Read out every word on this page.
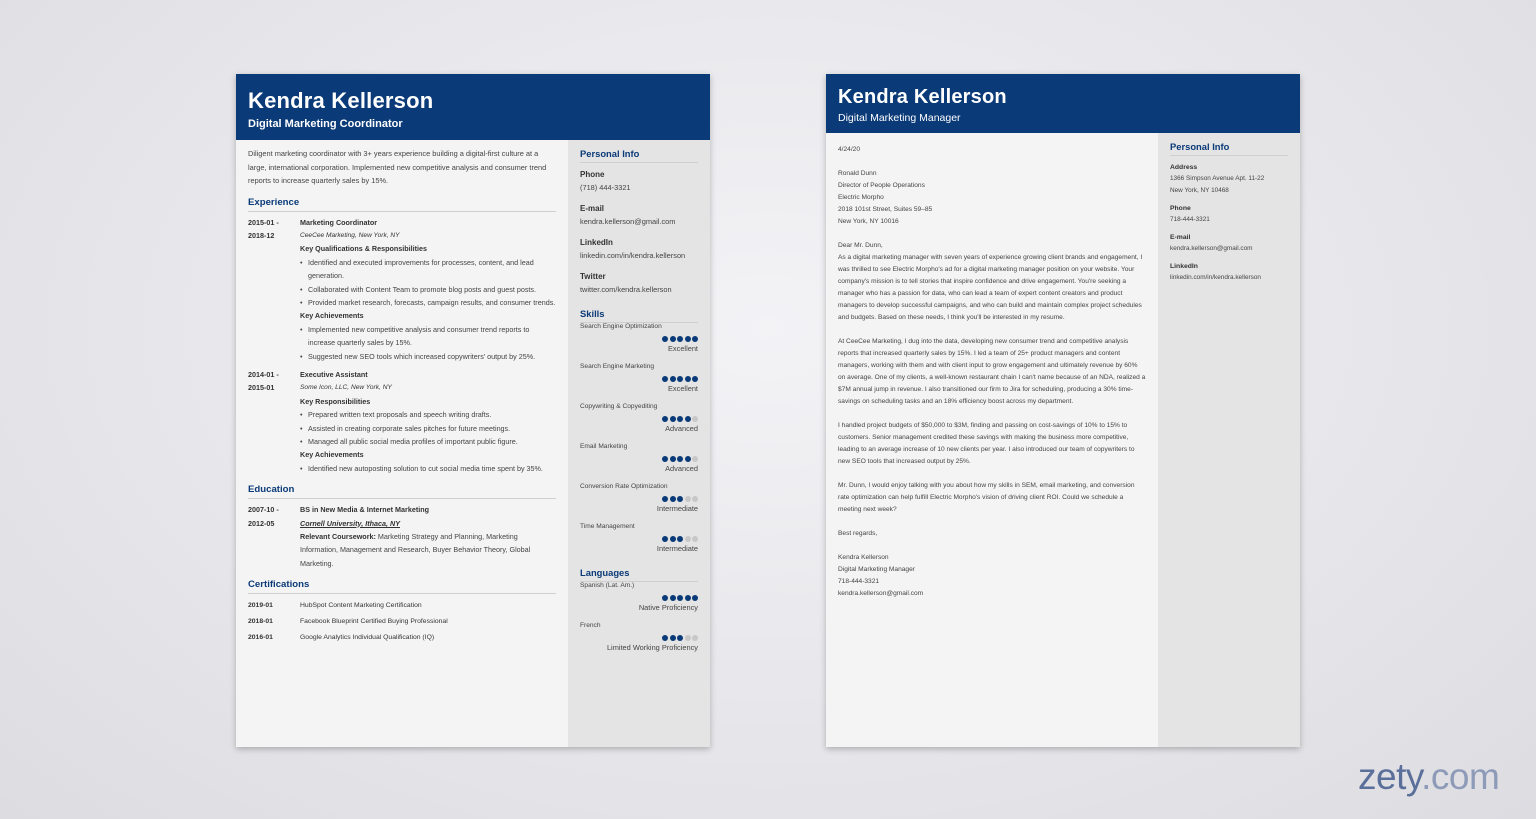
Kendra Kellerson
Digital Marketing Coordinator
Diligent marketing coordinator with 3+ years experience building a digital-first culture at a large, international corporation. Implemented new competitive analysis and consumer trend reports to increase quarterly sales by 15%.
Experience
2015-01 -
2018-12
Marketing Coordinator
CeeCee Marketing, New York, NY
Key Qualifications & Responsibilities
• Identified and executed improvements for processes, content, and lead generation.
• Collaborated with Content Team to promote blog posts and guest posts.
• Provided market research, forecasts, campaign results, and consumer trends.
Key Achievements
• Implemented new competitive analysis and consumer trend reports to increase quarterly sales by 15%.
• Suggested new SEO tools which increased copywriters' output by 25%.
2014-01 -
2015-01
Executive Assistant
Some Icon, LLC, New York, NY
Key Responsibilities
• Prepared written text proposals and speech writing drafts.
• Assisted in creating corporate sales pitches for future meetings.
• Managed all public social media profiles of important public figure.
Key Achievements
• Identified new autoposting solution to cut social media time spent by 35%.
Education
2007-10 -
2012-05
BS in New Media & Internet Marketing
Cornell University, Ithaca, NY
Relevant Coursework: Marketing Strategy and Planning, Marketing Information, Management and Research, Buyer Behavior Theory, Global Marketing.
Certifications
2019-01	HubSpot Content Marketing Certification
2018-01	Facebook Blueprint Certified Buying Professional
2016-01	Google Analytics Individual Qualification (IQ)
Personal Info
Phone
(718) 444-3321
E-mail
kendra.kellerson@gmail.com
LinkedIn
linkedin.com/in/kendra.kellerson
Twitter
twitter.com/kendra.kellerson
Skills
Search Engine Optimization
Excellent
Search Engine Marketing
Excellent
Copywriting & Copyediting
Advanced
Email Marketing
Advanced
Conversion Rate Optimization
Intermediate
Time Management
Intermediate
Languages
Spanish (Lat. Am.)
Native Proficiency
French
Limited Working Proficiency
Kendra Kellerson
Digital Marketing Manager

4/24/20

Ronald Dunn
Director of People Operations
Electric Morpho
2018 101st Street, Suites 59–85
New York, NY 10016

Dear Mr. Dunn,

As a digital marketing manager with seven years of experience growing client brands and engagement, I was thrilled to see Electric Morpho's ad for a digital marketing manager position on your website. Your company's mission is to tell stories that inspire confidence and drive engagement. You're seeking a manager who has a passion for data, who can lead a team of expert content creators and product managers to develop successful campaigns, and who can build and maintain complex project schedules and budgets. Based on these needs, I think you'll be interested in my resume.

At CeeCee Marketing, I dug into the data, developing new consumer trend and competitive analysis reports that increased quarterly sales by 15%. I led a team of 25+ product managers and content managers, working with them and with client input to grow engagement and ultimately revenue by 60% on average. One of my clients, a well-known restaurant chain I can't name because of an NDA, realized a $7M annual jump in revenue. I also transitioned our firm to Jira for scheduling, producing a 30% time-savings on scheduling tasks and an 18% efficiency boost across my department.

I handled project budgets of $50,000 to $3M, finding and passing on cost-savings of 10% to 15% to customers. Senior management credited these savings with making the business more competitive, leading to an average increase of 10 new clients per year. I also introduced our team of copywriters to new SEO tools that increased output by 25%.

Mr. Dunn, I would enjoy talking with you about how my skills in SEM, email marketing, and conversion rate optimization can help fulfill Electric Morpho's vision of driving client ROI. Could we schedule a meeting next week?

Best regards,

Kendra Kellerson
Digital Marketing Manager
718-444-3321
kendra.kellerson@gmail.com

Personal Info
Address
1366 Simpson Avenue Apt. 11-22
New York, NY 10468
Phone
718-444-3321
E-mail
kendra.kellerson@gmail.com
LinkedIn
linkedin.com/in/kendra.kellerson
zety.com
